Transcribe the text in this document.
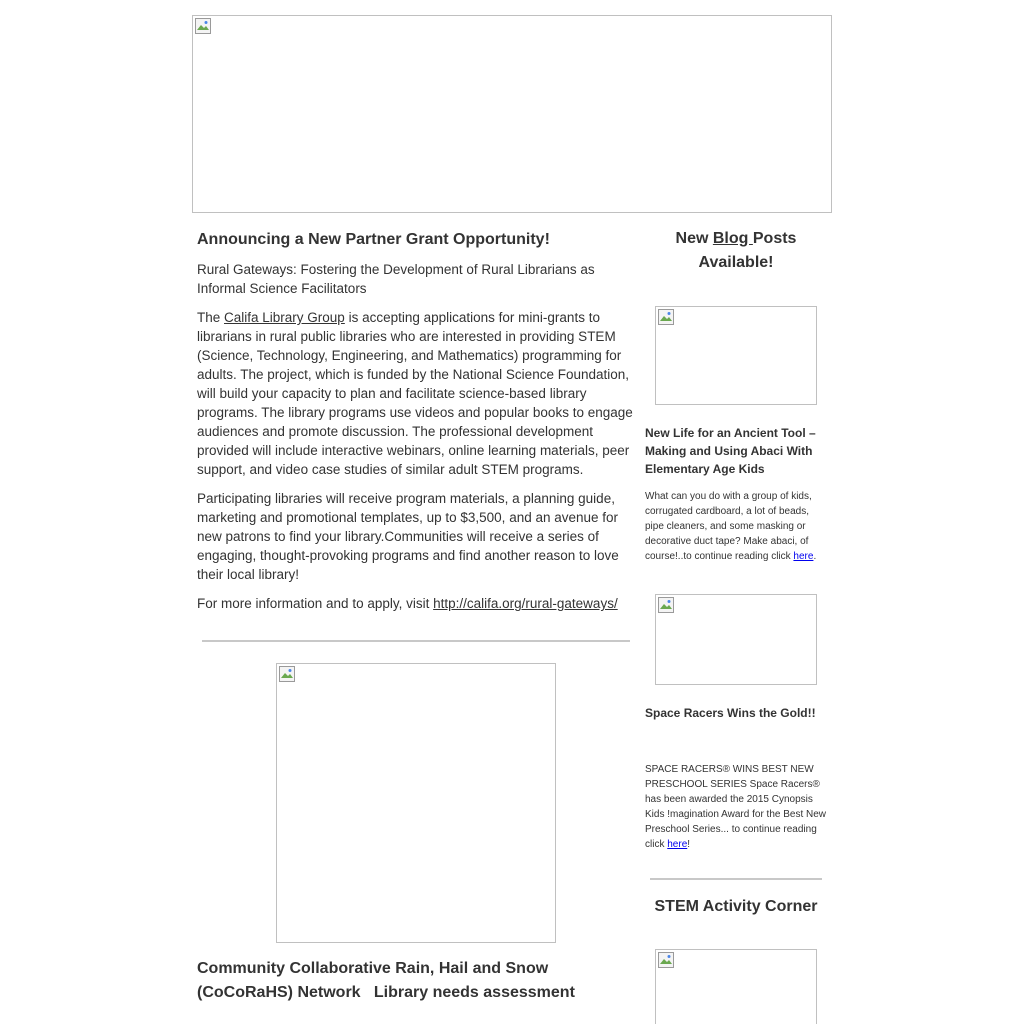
Announcing a New Partner Grant Opportunity!

Rural Gateways: Fostering the Development of Rural Librarians as Informal Science Facilitators

The Califa Library Group is accepting applications for mini-grants to librarians in rural public libraries who are interested in providing STEM (Science, Technology, Engineering, and Mathematics) programming for adults. The project, which is funded by the National Science Foundation, will build your capacity to plan and facilitate science-based library programs. The library programs use videos and popular books to engage audiences and promote discussion. The professional development provided will include interactive webinars, online learning materials, peer support, and video case studies of similar adult STEM programs.

Participating libraries will receive program materials, a planning guide, marketing and promotional templates, up to $3,500, and an avenue for new patrons to find your library.Communities will receive a series of engaging, thought-provoking programs and find another reason to love their local library!

For more information and to apply, visit http://califa.org/rural-gateways/

Community Collaborative Rain, Hail and Snow
(CoCoRaHS) Network   Library needs assessment
New Blog Posts Available!
New Life for an Ancient Tool – Making and Using Abaci With Elementary Age Kids

What can you do with a group of kids, corrugated cardboard, a lot of beads, pipe cleaners, and some masking or decorative duct tape? Make abaci, of course!..to continue reading click here.

Space Racers Wins the Gold!!

SPACE RACERS® WINS BEST NEW PRESCHOOL SERIES Space Racers® has been awarded the 2015 Cynopsis Kids !magination Award for the Best New Preschool Series... to continue reading click here!

STEM Activity Corner
